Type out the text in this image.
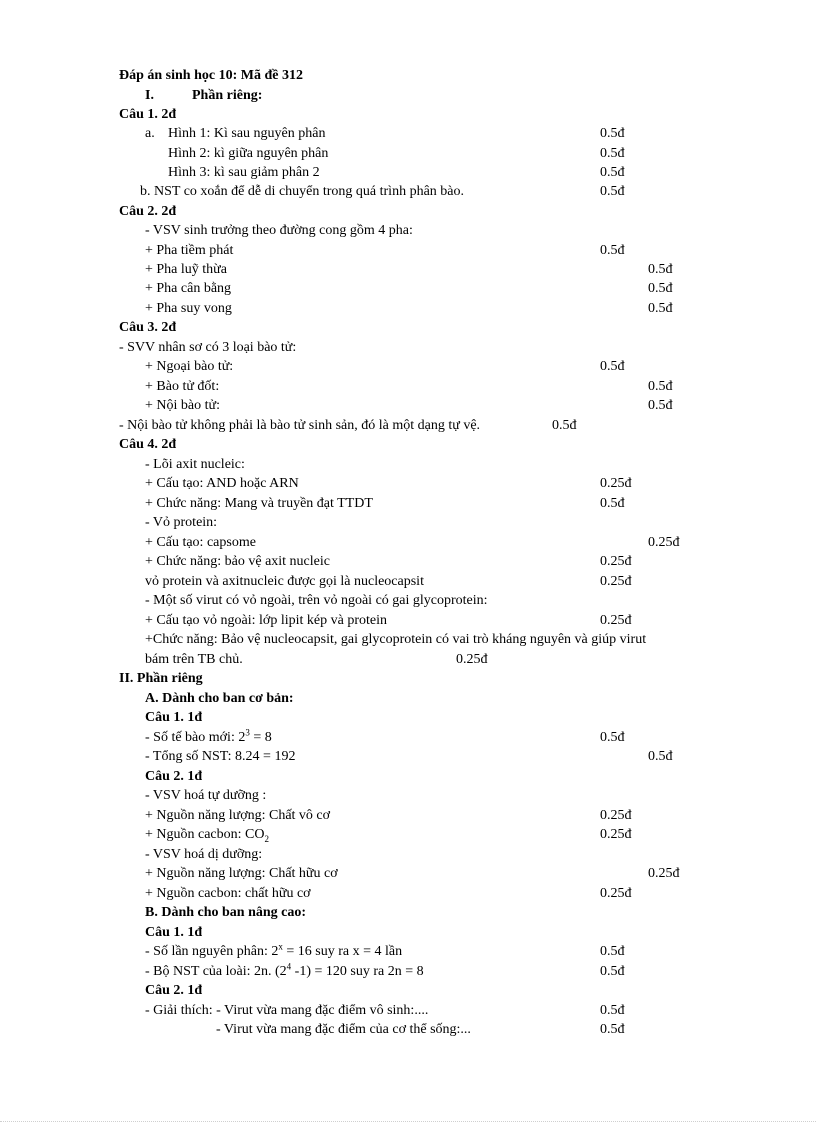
Đáp án sinh học 10: Mã đề 312
I.	Phần riêng:
Câu 1. 2đ
a. Hình 1: Kì sau nguyên phân	0.5đ
Hình 2: kì giữa nguyên phân	0.5đ
Hình 3: kì sau giảm phân 2	0.5đ
b. NST co xoắn để dễ di chuyển trong quá trình phân bào.	0.5đ
Câu 2. 2đ
- VSV sinh trưởng theo đường cong gồm 4 pha:
+ Pha tiềm phát	0.5đ
+ Pha luỹ thừa	0.5đ
+ Pha cân bằng	0.5đ
+ Pha suy vong	0.5đ
Câu 3. 2đ
- SVV nhân sơ có 3 loại bào tử:
+ Ngoại bào tử:	0.5đ
+ Bào tử đốt:	0.5đ
+ Nội bào tử:	0.5đ
- Nội bào tử không phải là bào tử sinh sản, đó là một dạng tự vệ.	0.5đ
Câu 4. 2đ
- Lõi axit nucleic:
+ Cấu tạo: AND hoặc ARN	0.25đ
+ Chức năng: Mang và truyền đạt TTDT	0.5đ
- Vỏ protein:
+ Cấu tạo: capsome	0.25đ
+ Chức năng: bảo vệ axit nucleic	0.25đ
vỏ protein và axitnucleic được gọi là nucleocapsit	0.25đ
- Một số virut có vỏ ngoài, trên vỏ ngoài có gai glycoprotein:
+ Cấu tạo vỏ ngoài: lớp lipit kép và protein	0.25đ
+Chức năng: Bảo vệ nucleocapsit, gai glycoprotein có vai trò kháng nguyên và giúp virut
bám trên TB chủ.	0.25đ
II. Phần riêng
A. Dành cho ban cơ bản:
Câu 1. 1đ
- Số tế bào mới: $2^3 = 8$	0.5đ
- Tổng số NST: 8.24 = 192	0.5đ
Câu 2. 1đ
- VSV hoá tự dưỡng :
+ Nguồn năng lượng: Chất vô cơ	0.25đ
+ Nguồn cacbon: $CO_2$	0.25đ
- VSV hoá dị dưỡng:
+ Nguồn năng lượng: Chất hữu cơ	0.25đ
+ Nguồn cacbon: chất hữu cơ	0.25đ
B. Dành cho ban nâng cao:
Câu 1. 1đ
- Số lần nguyên phân: $2^x = 16$ suy ra x = 4 lần	0.5đ
- Bộ NST của loài: 2n. ($2^4$ -1) = 120 suy ra 2n = 8	0.5đ
Câu 2. 1đ
- Giải thích: - Virut vừa mang đặc điểm vô sinh:....	0.5đ
- Virut vừa mang đặc điểm của cơ thể sống:...	0.5đ
